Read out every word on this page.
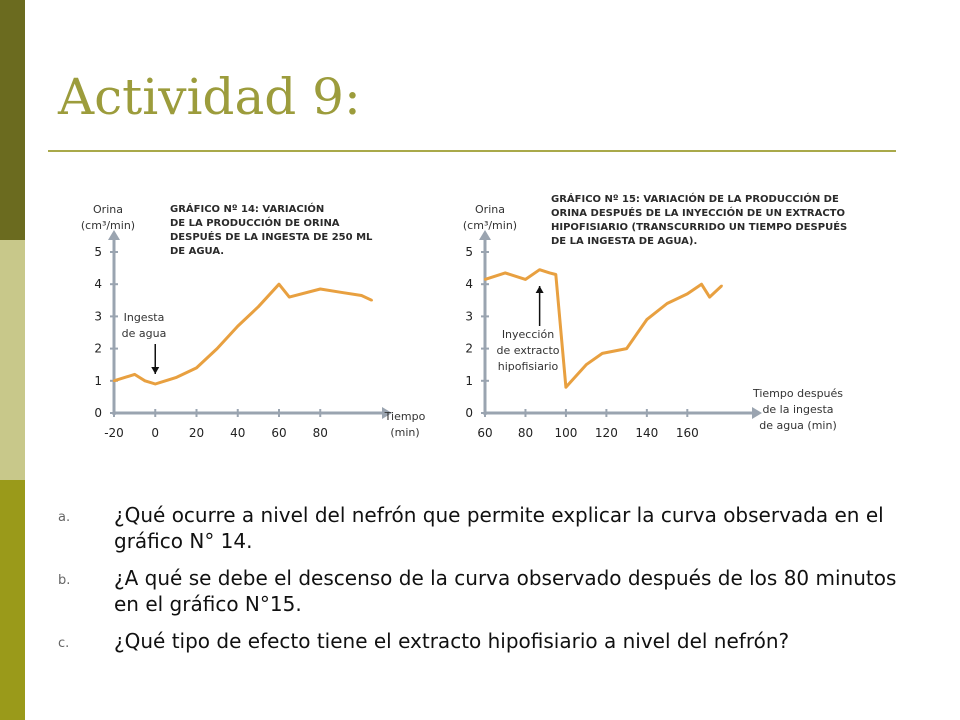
Actividad 9:
0
1
2
3
4
5
-20 0 20 40 60 80
Orina
(cm³/min)
Tiempo
(min)
GRÁFICO Nº 14: VARIACIÓN
DE LA PRODUCCIÓN DE ORINA
DESPUÉS DE LA INGESTA DE 250 ML
DE AGUA.
Ingesta
de agua
0
1
2
3
4
5
60 80 100 120 140 160
Orina
(cm³/min)
Tiempo después
de la ingesta
de agua (min)
GRÁFICO Nº 15: VARIACIÓN DE LA PRODUCCIÓN DE
ORINA DESPUÉS DE LA INYECCIÓN DE UN EXTRACTO
HIPOFISIARIO (TRANSCURRIDO UN TIEMPO DESPUÉS
DE LA INGESTA DE AGUA).
Inyección
de extracto
hipofisiario
a. ¿Qué ocurre a nivel del nefrón que permite explicar la curva observada en el gráfico N° 14.
b. ¿A qué se debe el descenso de la curva observado después de los 80 minutos en el gráfico N°15.
c. ¿Qué tipo de efecto tiene el extracto hipofisiario a nivel del nefrón?
